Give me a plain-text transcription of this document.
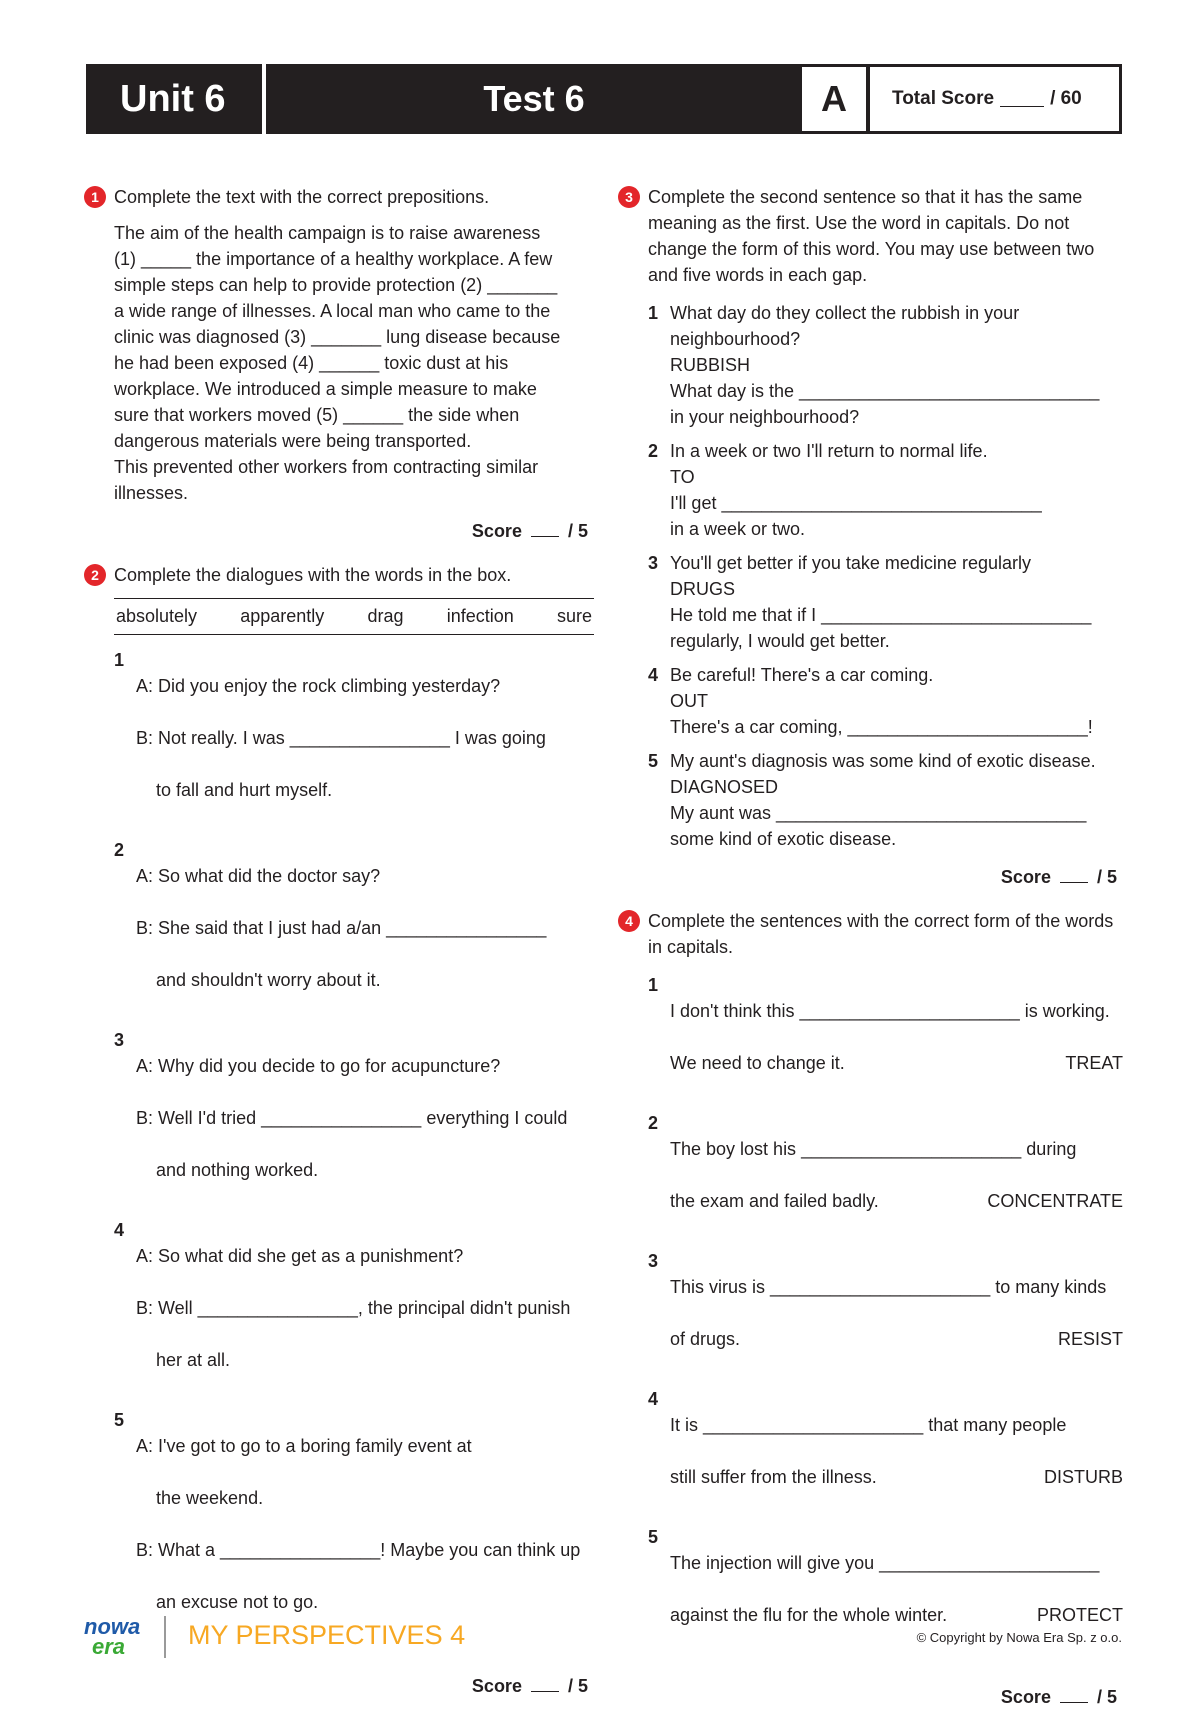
Unit 6	Test 6	A	Total Score	/ 60
1 Complete the text with the correct prepositions.
The aim of the health campaign is to raise awareness
(1) _____ the importance of a healthy workplace. A few
simple steps can help to provide protection (2) _______
a wide range of illnesses. A local man who came to the
clinic was diagnosed (3) _______ lung disease because
he had been exposed (4) ______ toxic dust at his
workplace. We introduced a simple measure to make
sure that workers moved (5) ______ the side when
dangerous materials were being transported.
This prevented other workers from contracting similar
illnesses.
Score	/ 5
2 Complete the dialogues with the words in the box.
absolutely apparently drag infection sure
1

A: Did you enjoy the rock climbing yesterday?

B: Not really. I was ________________ I was going

to fall and hurt myself.

2

A: So what did the doctor say?

B: She said that I just had a/an ________________

and shouldn't worry about it.

3

A: Why did you decide to go for acupuncture?

B: Well I'd tried ________________ everything I could

and nothing worked.

4

A: So what did she get as a punishment?

B: Well ________________, the principal didn't punish

her at all.

5

A: I've got to go to a boring family event at

the weekend.

B: What a ________________! Maybe you can think up

an excuse not to go.

Score	/ 5
3 Complete the second sentence so that it has the same meaning as the first. Use the word in capitals. Do not change the form of this word. You may use between two and five words in each gap.
1 What day do they collect the rubbish in your
neighbourhood?
RUBBISH
What day is the ______________________________
in your neighbourhood?
2 In a week or two I'll return to normal life.
TO
I'll get ________________________________
in a week or two.
3 You'll get better if you take medicine regularly
DRUGS
He told me that if I ___________________________
regularly, I would get better.
4 Be careful! There's a car coming.
OUT
There's a car coming, ________________________!
5 My aunt's diagnosis was some kind of exotic disease.
DIAGNOSED
My aunt was _______________________________
some kind of exotic disease.
Score	/ 5
4 Complete the sentences with the correct form of the words in capitals.
1

I don't think this ______________________ is working.

We need to change it.	TREAT

2

The boy lost his ______________________ during

the exam and failed badly.	CONCENTRATE

3

This virus is ______________________ to many kinds

of drugs.	RESIST

4

It is ______________________ that many people

still suffer from the illness.	DISTURB

5

The injection will give you ______________________

against the flu for the whole winter.	PROTECT

Score	/ 5
nowa
era MY PERSPECTIVES 4	© Copyright by Nowa Era Sp. z o.o.
